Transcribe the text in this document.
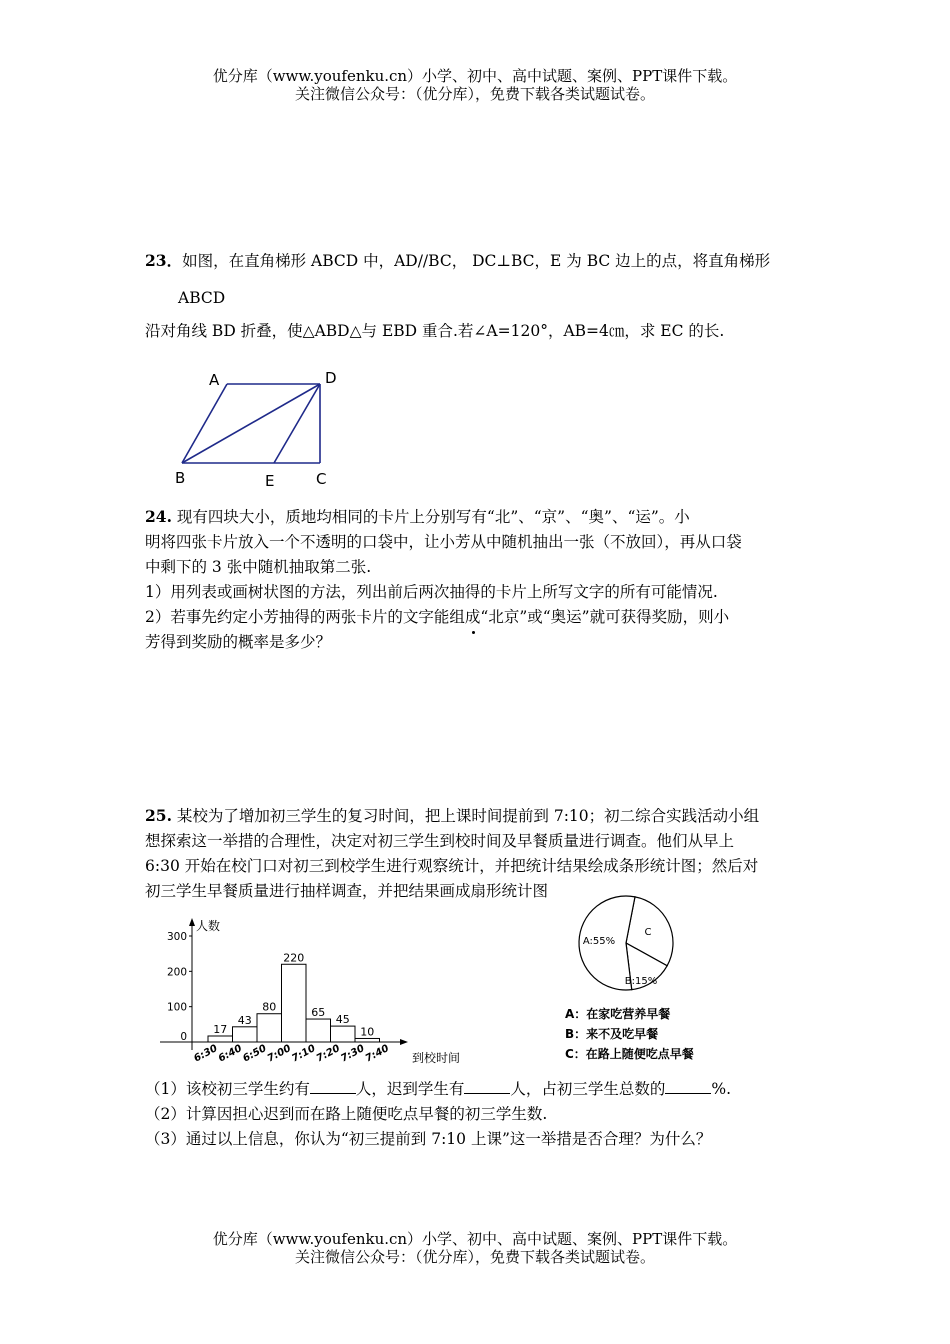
优分库（www.youfenku.cn）小学、初中、高中试题、案例、PPT课件下载。
关注微信公众号：（优分库），免费下载各类试题试卷。
23．如图，在直角梯形 ABCD 中，AD//BC， DC⊥BC，E 为 BC 边上的点，将直角梯形
ABCD
沿对角线 BD 折叠，使△ABD△与 EBD 重合.若∠A=120°，AB=4㎝，求 EC 的长.
A	D
B	E	C
24. 现有四块大小，质地均相同的卡片上分别写有“北”、“京”、“奥”、“运”。小
明将四张卡片放入一个不透明的口袋中，让小芳从中随机抽出一张（不放回），再从口袋
中剩下的 3 张中随机抽取第二张.
1）用列表或画树状图的方法，列出前后两次抽得的卡片上所写文字的所有可能情况.
2）若事先约定小芳抽得的两张卡片的文字能组成“北京”或“奥运”就可获得奖励，则小
芳得到奖励的概率是多少？
25. 某校为了增加初三学生的复习时间，把上课时间提前到 7:10；初二综合实践活动小组
想探索这一举措的合理性，决定对初三学生到校时间及早餐质量进行调查。他们从早上
6:30 开始在校门口对初三到校学生进行观察统计，并把统计结果绘成条形统计图；然后对
初三学生早餐质量进行抽样调查，并把结果画成扇形统计图
人数
到校时间
0
100
200
300
17
43
80
220
65
45
10
6:30
6:40
6:50
7:00
7:10
7:20
7:30
7:40
C
B:15%
A:55%
A：在家吃营养早餐
B：来不及吃早餐
C：在路上随便吃点早餐
（1）该校初三学生约有	人，迟到学生有	人，占初三学生总数的	%.
（2）计算因担心迟到而在路上随便吃点早餐的初三学生数.
（3）通过以上信息，你认为“初三提前到 7:10 上课”这一举措是否合理？为什么？
优分库（www.youfenku.cn）小学、初中、高中试题、案例、PPT课件下载。
关注微信公众号：（优分库），免费下载各类试题试卷。
